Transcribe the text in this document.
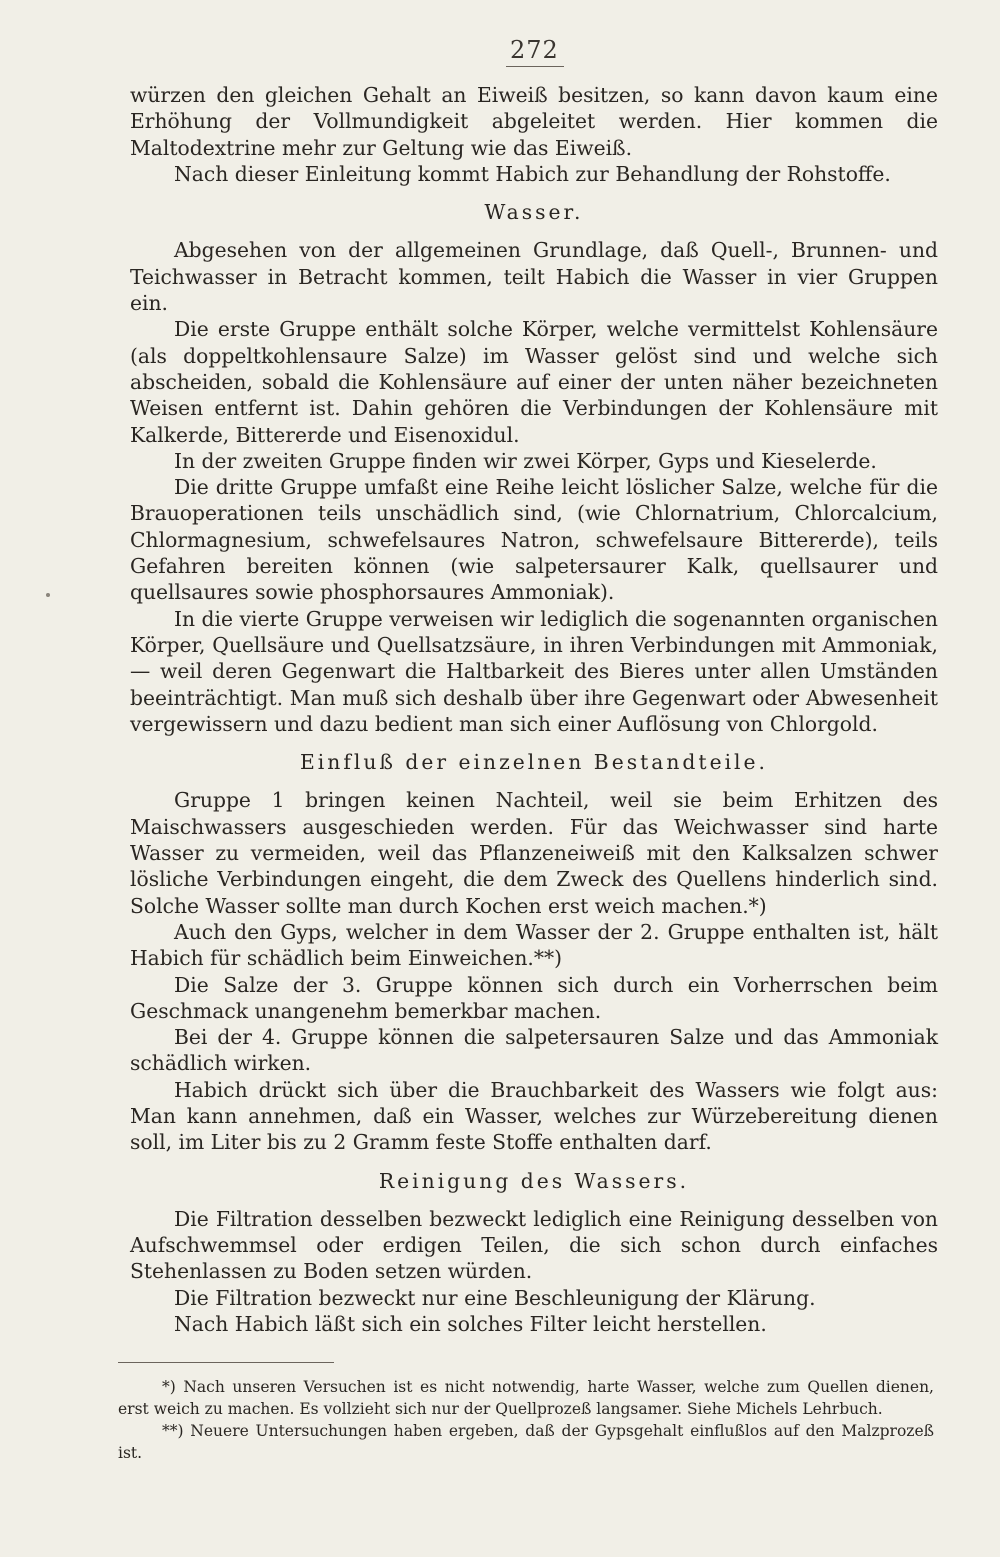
272

würzen den gleichen Gehalt an Eiweiß besitzen, so kann davon kaum eine Erhöhung der Vollmundigkeit abgeleitet werden. Hier kommen die Maltodextrine mehr zur Geltung wie das Eiweiß.

Nach dieser Einleitung kommt Habich zur Behandlung der Rohstoffe.

Wasser.

Abgesehen von der allgemeinen Grundlage, daß Quell-, Brunnen- und Teichwasser in Betracht kommen, teilt Habich die Wasser in vier Gruppen ein.

Die erste Gruppe enthält solche Körper, welche vermittelst Kohlensäure (als doppeltkohlensaure Salze) im Wasser gelöst sind und welche sich abscheiden, sobald die Kohlensäure auf einer der unten näher bezeichneten Weisen entfernt ist. Dahin gehören die Verbindungen der Kohlensäure mit Kalkerde, Bittererde und Eisenoxidul.

In der zweiten Gruppe finden wir zwei Körper, Gyps und Kieselerde.

Die dritte Gruppe umfaßt eine Reihe leicht löslicher Salze, welche für die Brauoperationen teils unschädlich sind, (wie Chlornatrium, Chlorcalcium, Chlormagnesium, schwefelsaures Natron, schwefelsaure Bittererde), teils Gefahren bereiten können (wie salpetersaurer Kalk, quellsaurer und quellsaures sowie phosphorsaures Ammoniak).

In die vierte Gruppe verweisen wir lediglich die sogenannten organischen Körper, Quellsäure und Quellsatzsäure, in ihren Verbindungen mit Ammoniak, — weil deren Gegenwart die Haltbarkeit des Bieres unter allen Umständen beeinträchtigt. Man muß sich deshalb über ihre Gegenwart oder Abwesenheit vergewissern und dazu bedient man sich einer Auflösung von Chlorgold.

Einfluß der einzelnen Bestandteile.

Gruppe 1 bringen keinen Nachteil, weil sie beim Erhitzen des Maischwassers ausgeschieden werden. Für das Weichwasser sind harte Wasser zu vermeiden, weil das Pflanzeneiweiß mit den Kalksalzen schwer lösliche Verbindungen eingeht, die dem Zweck des Quellens hinderlich sind. Solche Wasser sollte man durch Kochen erst weich machen.*)

Auch den Gyps, welcher in dem Wasser der 2. Gruppe enthalten ist, hält Habich für schädlich beim Einweichen.**)

Die Salze der 3. Gruppe können sich durch ein Vorherrschen beim Geschmack unangenehm bemerkbar machen.

Bei der 4. Gruppe können die salpetersauren Salze und das Ammoniak schädlich wirken.

Habich drückt sich über die Brauchbarkeit des Wassers wie folgt aus: Man kann annehmen, daß ein Wasser, welches zur Würzebereitung dienen soll, im Liter bis zu 2 Gramm feste Stoffe enthalten darf.

Reinigung des Wassers.

Die Filtration desselben bezweckt lediglich eine Reinigung desselben von Aufschwemmsel oder erdigen Teilen, die sich schon durch einfaches Stehenlassen zu Boden setzen würden.

Die Filtration bezweckt nur eine Beschleunigung der Klärung.

Nach Habich läßt sich ein solches Filter leicht herstellen.

*) Nach unseren Versuchen ist es nicht notwendig, harte Wasser, welche zum Quellen dienen, erst weich zu machen. Es vollzieht sich nur der Quellprozeß langsamer. Siehe Michels Lehrbuch.

**) Neuere Untersuchungen haben ergeben, daß der Gypsgehalt einflußlos auf den Malzprozeß ist.
